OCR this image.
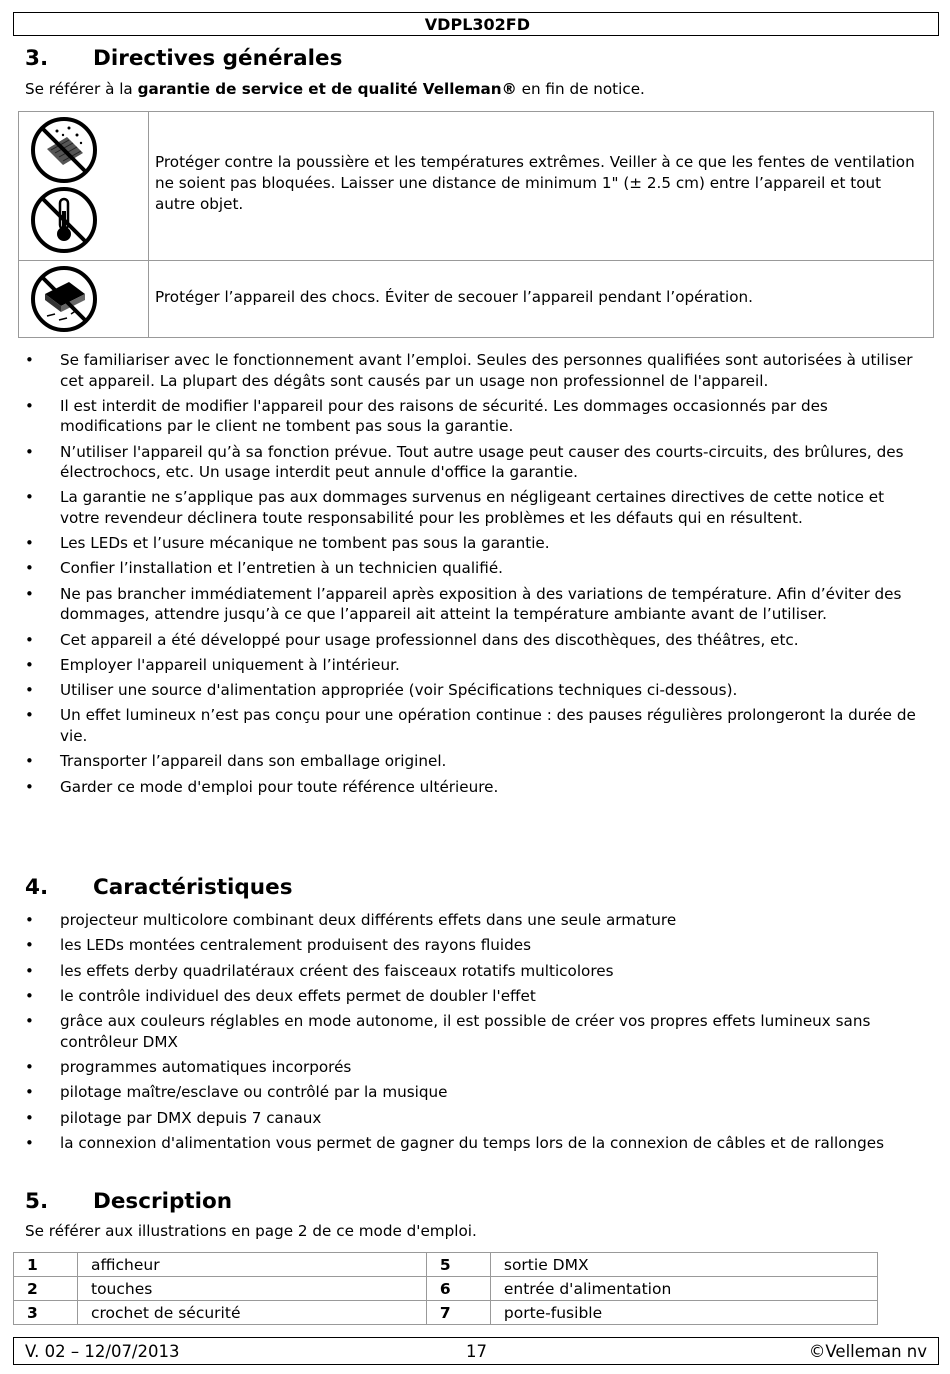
VDPL302FD
3. Directives générales

Se référer à la garantie de service et de qualité Velleman® en fin de notice.

Protéger contre la poussière et les températures extrêmes. Veiller à ce que les fentes de ventilation ne soient pas bloquées. Laisser une distance de minimum 1" (± 2.5 cm) entre l’appareil et tout autre objet.
Protéger l’appareil des chocs. Éviter de secouer l’appareil pendant l’opération.
• Se familiariser avec le fonctionnement avant l’emploi. Seules des personnes qualifiées sont autorisées à utiliser cet appareil. La plupart des dégâts sont causés par un usage non professionnel de l'appareil.
• Il est interdit de modifier l'appareil pour des raisons de sécurité. Les dommages occasionnés par des modifications par le client ne tombent pas sous la garantie.
• N’utiliser l'appareil qu’à sa fonction prévue. Tout autre usage peut causer des courts-circuits, des brûlures, des électrochocs, etc. Un usage interdit peut annule d'office la garantie.
• La garantie ne s’applique pas aux dommages survenus en négligeant certaines directives de cette notice et votre revendeur déclinera toute responsabilité pour les problèmes et les défauts qui en résultent.
• Les LEDs et l’usure mécanique ne tombent pas sous la garantie.
• Confier l’installation et l’entretien à un technicien qualifié.
• Ne pas brancher immédiatement l’appareil après exposition à des variations de température. Afin d’éviter des dommages, attendre jusqu’à ce que l’appareil ait atteint la température ambiante avant de l’utiliser.
• Cet appareil a été développé pour usage professionnel dans des discothèques, des théâtres, etc.
• Employer l'appareil uniquement à l’intérieur.
• Utiliser une source d'alimentation appropriée (voir Spécifications techniques ci-dessous).
• Un effet lumineux n’est pas conçu pour une opération continue : des pauses régulières prolongeront la durée de vie.
• Transporter l’appareil dans son emballage originel.
• Garder ce mode d'emploi pour toute référence ultérieure.
4. Caractéristiques
• projecteur multicolore combinant deux différents effets dans une seule armature
• les LEDs montées centralement produisent des rayons fluides
• les effets derby quadrilatéraux créent des faisceaux rotatifs multicolores
• le contrôle individuel des deux effets permet de doubler l'effet
• grâce aux couleurs réglables en mode autonome, il est possible de créer vos propres effets lumineux sans contrôleur DMX
• programmes automatiques incorporés
• pilotage maître/esclave ou contrôlé par la musique
• pilotage par DMX depuis 7 canaux
• la connexion d'alimentation vous permet de gagner du temps lors de la connexion de câbles et de rallonges
5. Description

Se référer aux illustrations en page 2 de ce mode d'emploi.

1	afficheur	5	sortie DMX
2	touches	6	entrée d'alimentation
3	crochet de sécurité	7	porte-fusible
V. 02 – 12/07/2013	17	©Velleman nv
